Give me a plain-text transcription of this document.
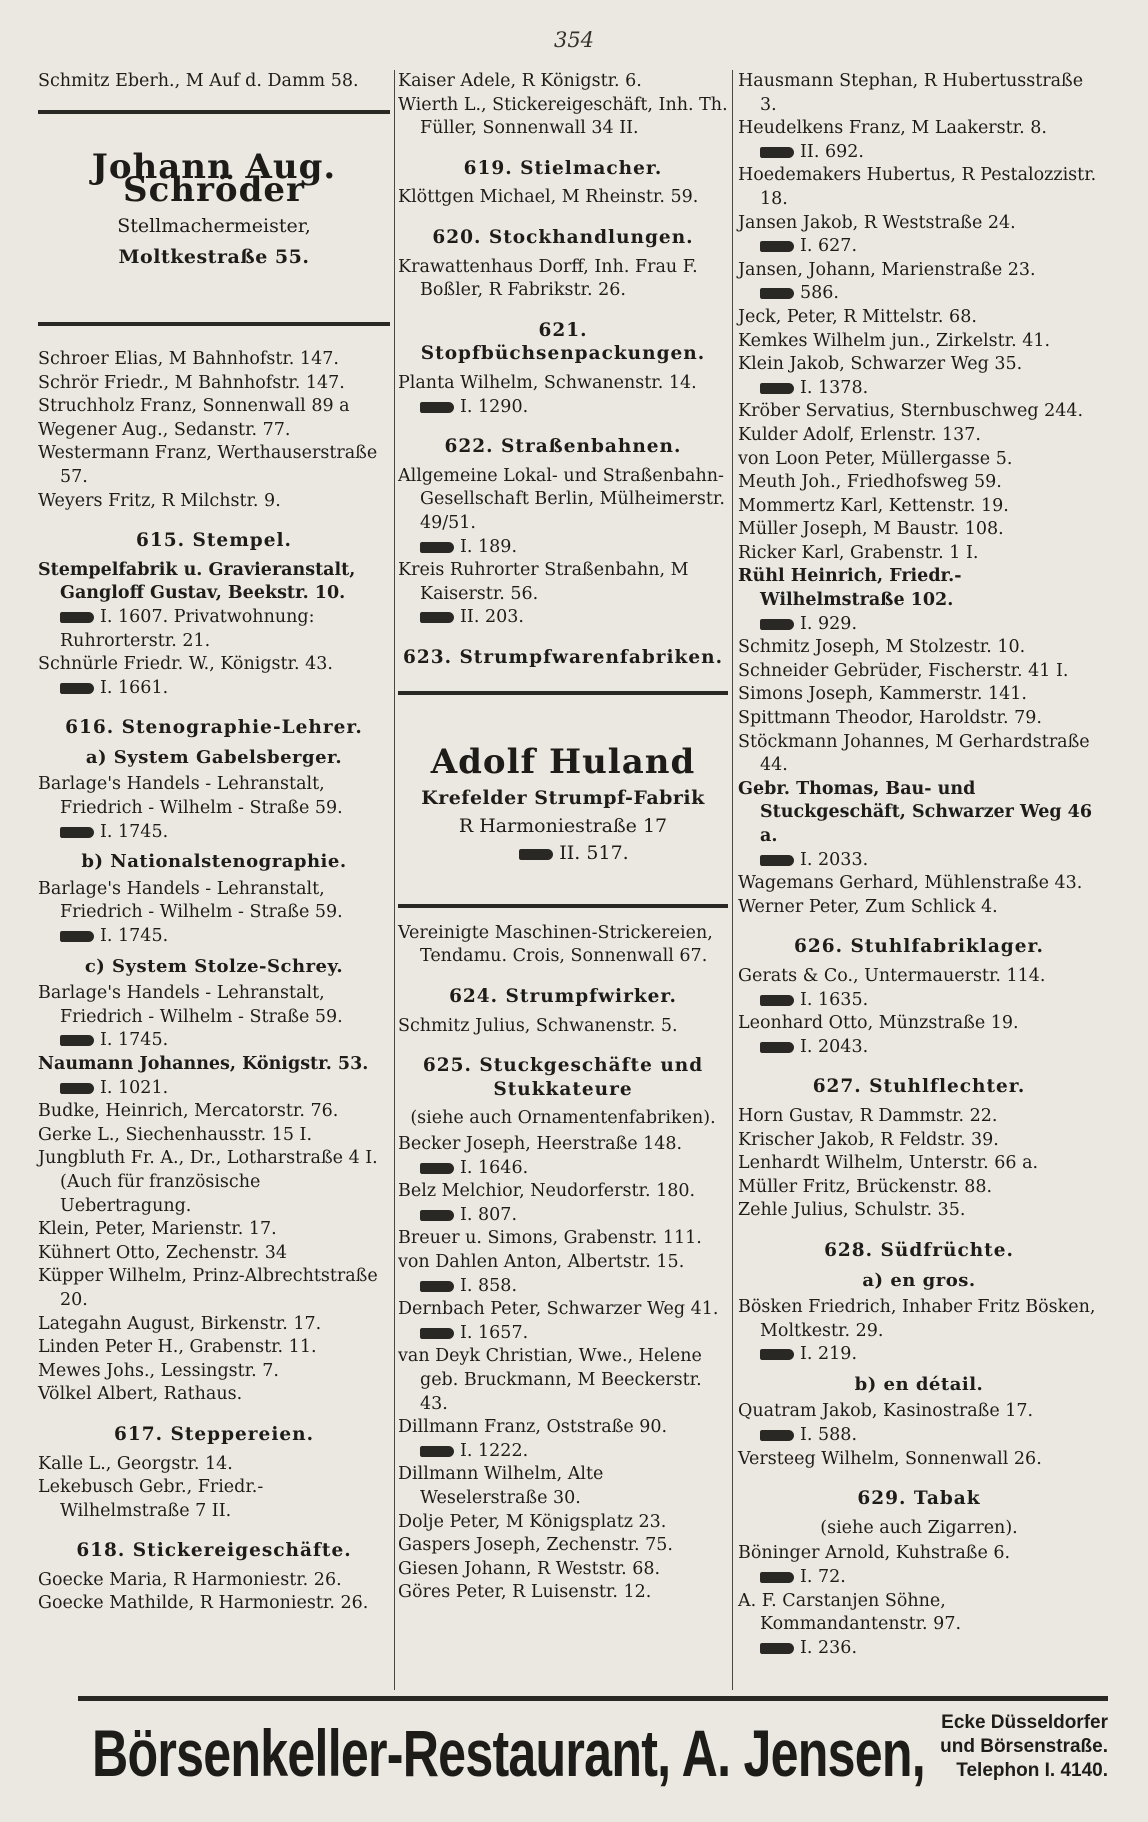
354
Schmitz Eberh., M Auf d. Damm 58.
Johann Aug. Schröder
Stellmachermeister,
Moltkestraße 55.
Schroer Elias, M Bahnhofstr. 147.
Schrör Friedr., M Bahnhofstr. 147.
Struchholz Franz, Sonnenwall 89 a
Wegener Aug., Sedanstr. 77.
Westermann Franz, Werthauserstraße 57.
Weyers Fritz, R Milchstr. 9.
615. Stempel.
Stempelfabrik u. Gravieranstalt, Gangloff Gustav, Beekstr. 10.
I. 1607. Privatwohnung: Ruhrorterstr. 21.
Schnürle Friedr. W., Königstr. 43.
I. 1661.
616. Stenographie-Lehrer.
a) System Gabelsberger.
Barlage's Handels - Lehranstalt, Friedrich - Wilhelm - Straße 59.
I. 1745.
b) Nationalstenographie.
Barlage's Handels - Lehranstalt, Friedrich - Wilhelm - Straße 59.
I. 1745.
c) System Stolze-Schrey.
Barlage's Handels - Lehranstalt, Friedrich - Wilhelm - Straße 59.
I. 1745.
Naumann Johannes, Königstr. 53.
I. 1021.
Budke, Heinrich, Mercatorstr. 76.
Gerke L., Siechenhausstr. 15 I.
Jungbluth Fr. A., Dr., Lotharstraße 4 I. (Auch für französische Uebertragung.
Klein, Peter, Marienstr. 17.
Kühnert Otto, Zechenstr. 34
Küpper Wilhelm, Prinz-Albrechtstraße 20.
Lategahn August, Birkenstr. 17.
Linden Peter H., Grabenstr. 11.
Mewes Johs., Lessingstr. 7.
Völkel Albert, Rathaus.
617. Steppereien.
Kalle L., Georgstr. 14.
Lekebusch Gebr., Friedr.-Wilhelmstraße 7 II.
618. Stickereigeschäfte.
Goecke Maria, R Harmoniestr. 26.
Goecke Mathilde, R Harmoniestr. 26.
Kaiser Adele, R Königstr. 6.
Wierth L., Stickereigeschäft, Inh. Th. Füller, Sonnenwall 34 II.
619. Stielmacher.
Klöttgen Michael, M Rheinstr. 59.
620. Stockhandlungen.
Krawattenhaus Dorff, Inh. Frau F. Boßler, R Fabrikstr. 26.
621. Stopfbüchsenpackungen.
Planta Wilhelm, Schwanenstr. 14.
I. 1290.
622. Straßenbahnen.
Allgemeine Lokal- und Straßenbahn-Gesellschaft Berlin, Mülheimerstr. 49/51.
I. 189.
Kreis Ruhrorter Straßenbahn, M Kaiserstr. 56.
II. 203.
623. Strumpfwarenfabriken.
Adolf Huland
Krefelder Strumpf-Fabrik
R Harmoniestraße 17
II. 517.
Vereinigte Maschinen-Strickereien, Tendamu. Crois, Sonnenwall 67.
624. Strumpfwirker.
Schmitz Julius, Schwanenstr. 5.
625. Stuckgeschäfte und Stukkateure
(siehe auch Ornamentenfabriken).
Becker Joseph, Heerstraße 148.
I. 1646.
Belz Melchior, Neudorferstr. 180.
I. 807.
Breuer u. Simons, Grabenstr. 111.
von Dahlen Anton, Albertstr. 15.
I. 858.
Dernbach Peter, Schwarzer Weg 41.
I. 1657.
van Deyk Christian, Wwe., Helene geb. Bruckmann, M Beeckerstr. 43.
Dillmann Franz, Oststraße 90.
I. 1222.
Dillmann Wilhelm, Alte Weselerstraße 30.
Dolje Peter, M Königsplatz 23.
Gaspers Joseph, Zechenstr. 75.
Giesen Johann, R Weststr. 68.
Göres Peter, R Luisenstr. 12.
Hausmann Stephan, R Hubertusstraße 3.
Heudelkens Franz, M Laakerstr. 8.
II. 692.
Hoedemakers Hubertus, R Pestalozzistr. 18.
Jansen Jakob, R Weststraße 24.
I. 627.
Jansen, Johann, Marienstraße 23.
586.
Jeck, Peter, R Mittelstr. 68.
Kemkes Wilhelm jun., Zirkelstr. 41.
Klein Jakob, Schwarzer Weg 35.
I. 1378.
Kröber Servatius, Sternbuschweg 244.
Kulder Adolf, Erlenstr. 137.
von Loon Peter, Müllergasse 5.
Meuth Joh., Friedhofsweg 59.
Mommertz Karl, Kettenstr. 19.
Müller Joseph, M Baustr. 108.
Ricker Karl, Grabenstr. 1 I.
Rühl Heinrich, Friedr.-Wilhelmstraße 102.
I. 929.
Schmitz Joseph, M Stolzestr. 10.
Schneider Gebrüder, Fischerstr. 41 I.
Simons Joseph, Kammerstr. 141.
Spittmann Theodor, Haroldstr. 79.
Stöckmann Johannes, M Gerhardstraße 44.
Gebr. Thomas, Bau- und Stuckgeschäft, Schwarzer Weg 46 a.
I. 2033.
Wagemans Gerhard, Mühlenstraße 43.
Werner Peter, Zum Schlick 4.
626. Stuhlfabriklager.
Gerats & Co., Untermauerstr. 114.
I. 1635.
Leonhard Otto, Münzstraße 19.
I. 2043.
627. Stuhlflechter.
Horn Gustav, R Dammstr. 22.
Krischer Jakob, R Feldstr. 39.
Lenhardt Wilhelm, Unterstr. 66 a.
Müller Fritz, Brückenstr. 88.
Zehle Julius, Schulstr. 35.
628. Südfrüchte.
a) en gros.
Bösken Friedrich, Inhaber Fritz Bösken, Moltkestr. 29.
I. 219.
b) en détail.
Quatram Jakob, Kasinostraße 17.
I. 588.
Versteeg Wilhelm, Sonnenwall 26.
629. Tabak
(siehe auch Zigarren).
Böninger Arnold, Kuhstraße 6.
I. 72.
A. F. Carstanjen Söhne, Kommandantenstr. 97.
I. 236.
Börsenkeller-Restaurant, A. Jensen, Ecke Düsseldorfer
und Börsenstraße.
Telephon I. 4140.
